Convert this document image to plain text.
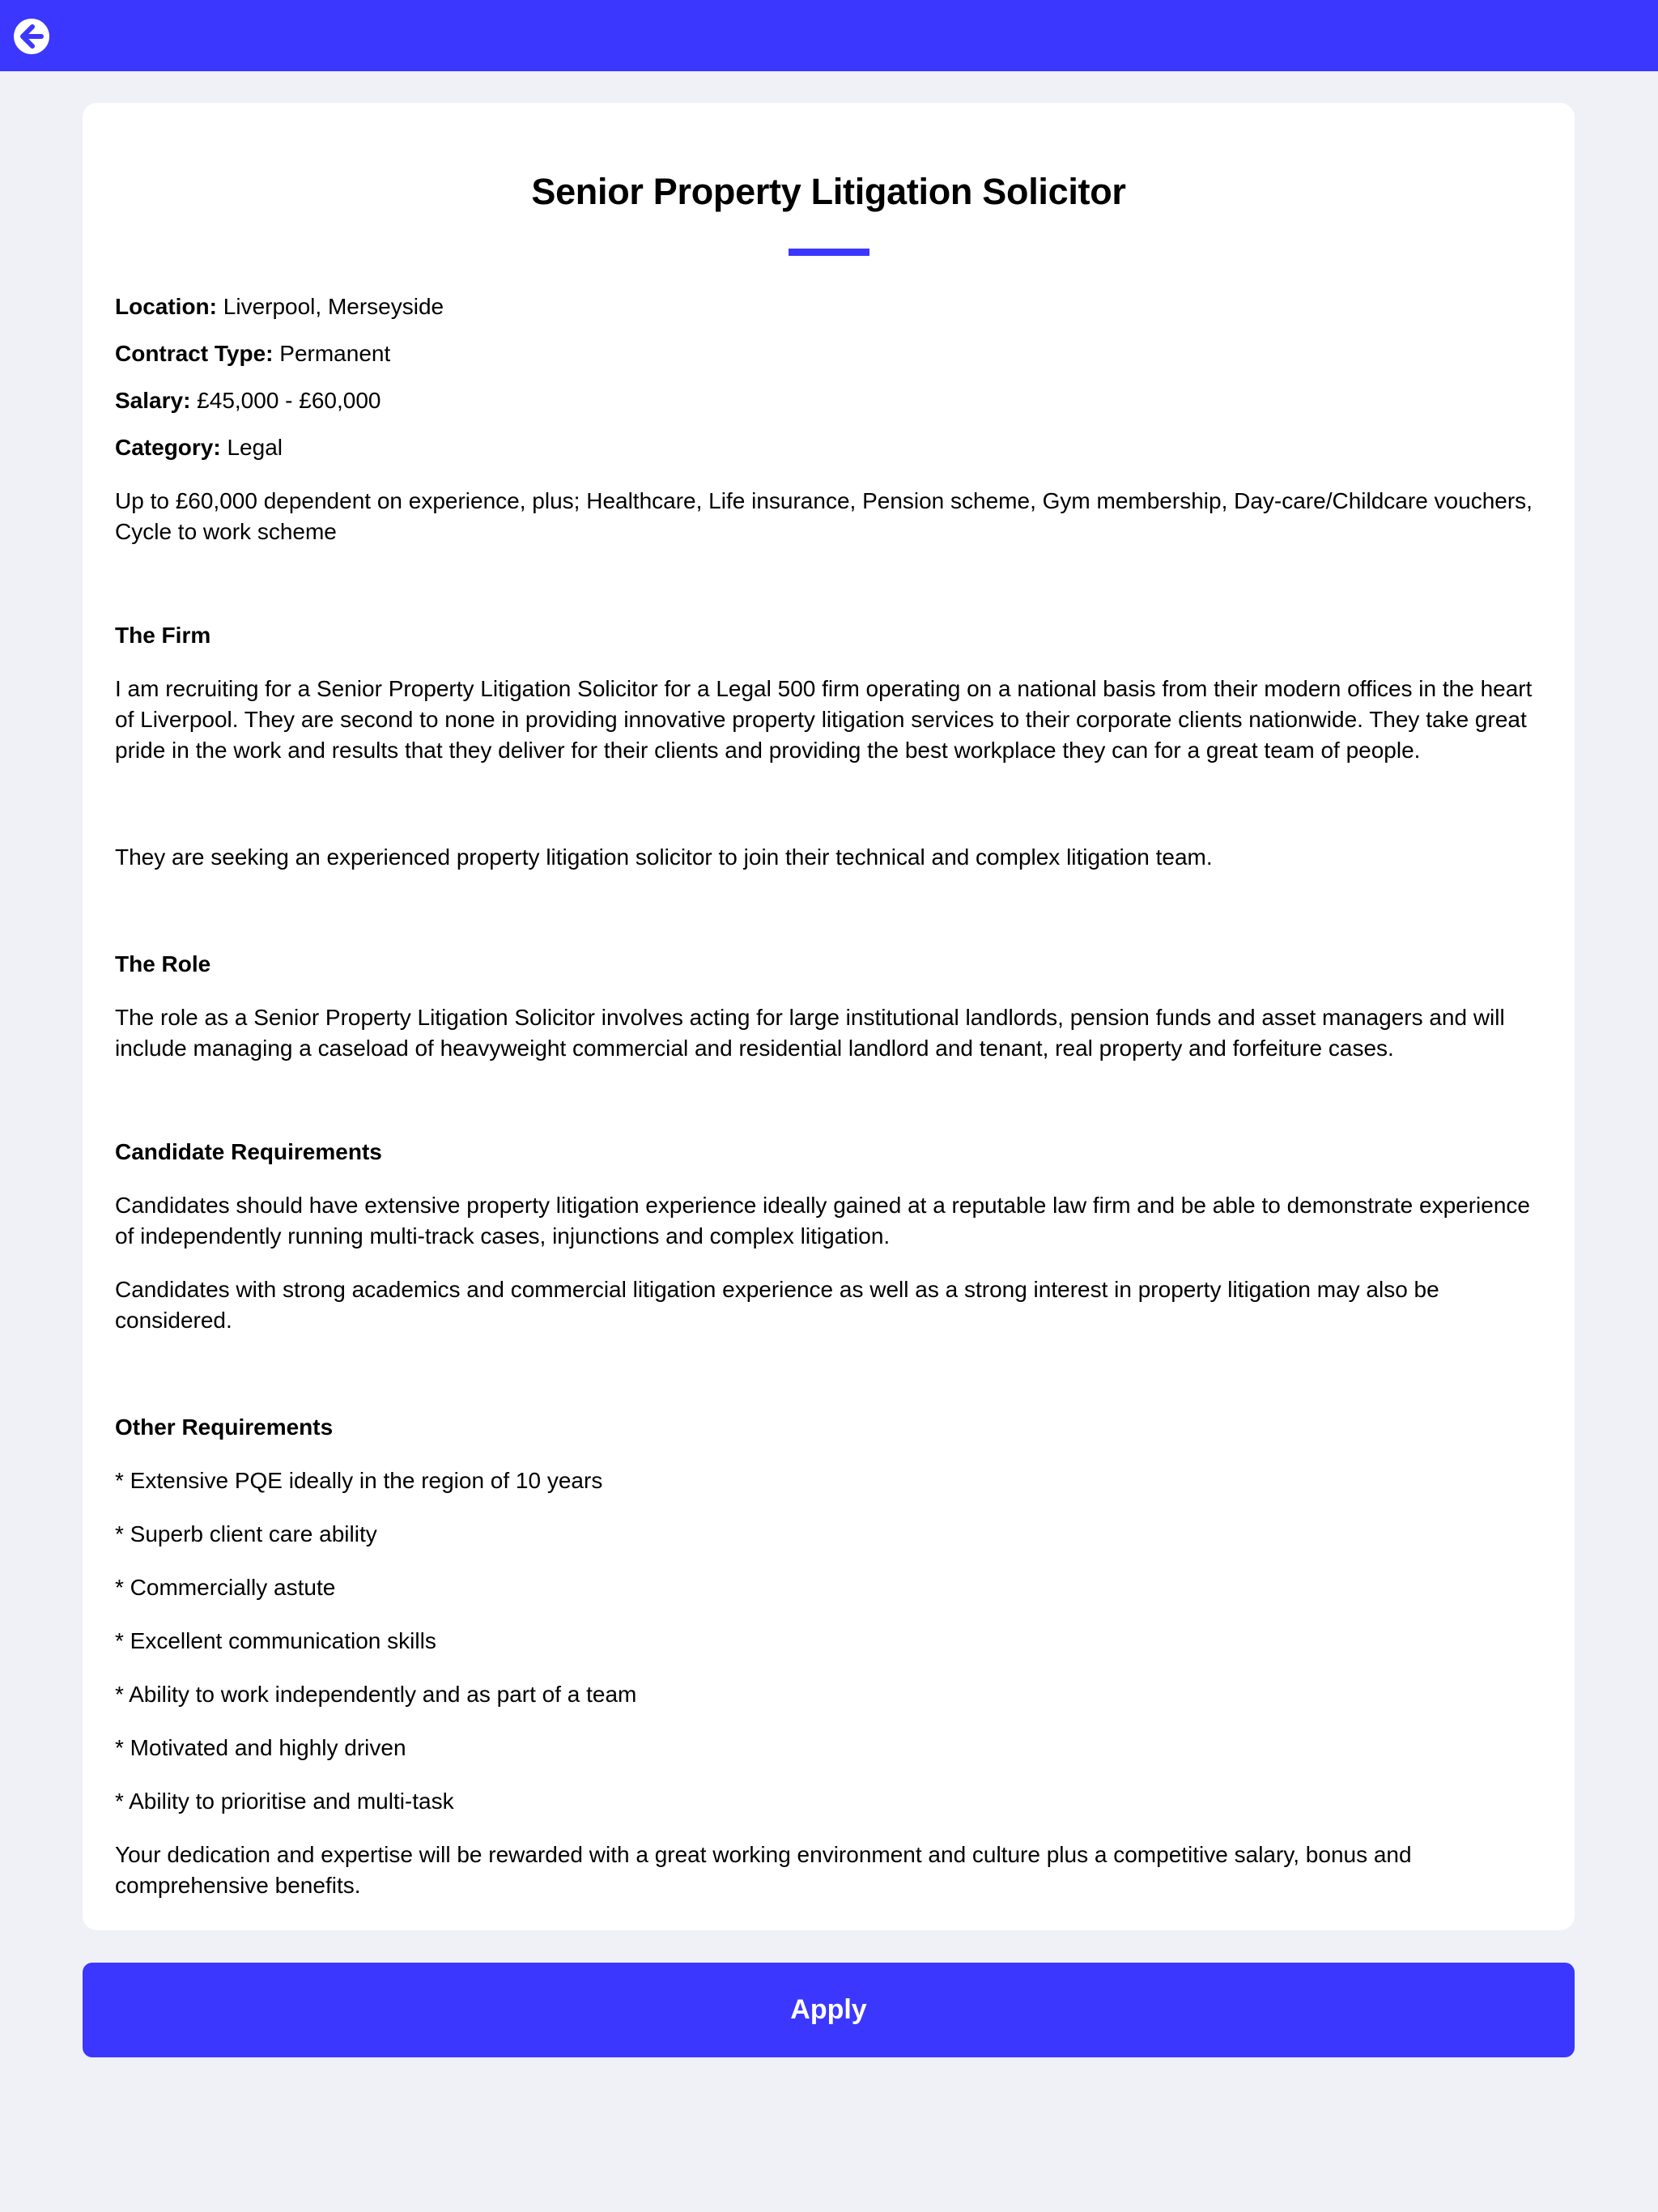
Senior Property Litigation Solicitor

Location: Liverpool, Merseyside

Contract Type: Permanent

Salary: £45,000 - £60,000

Category: Legal

Up to £60,000 dependent on experience, plus; Healthcare, Life insurance, Pension scheme, Gym membership, Day-care/Childcare vouchers, Cycle to work scheme

The Firm

I am recruiting for a Senior Property Litigation Solicitor for a Legal 500 firm operating on a national basis from their modern offices in the heart of Liverpool. They are second to none in providing innovative property litigation services to their corporate clients nationwide. They take great pride in the work and results that they deliver for their clients and providing the best workplace they can for a great team of people.

They are seeking an experienced property litigation solicitor to join their technical and complex litigation team.

The Role

The role as a Senior Property Litigation Solicitor involves acting for large institutional landlords, pension funds and asset managers and will include managing a caseload of heavyweight commercial and residential landlord and tenant, real property and forfeiture cases.

Candidate Requirements

Candidates should have extensive property litigation experience ideally gained at a reputable law firm and be able to demonstrate experience of independently running multi-track cases, injunctions and complex litigation.

Candidates with strong academics and commercial litigation experience as well as a strong interest in property litigation may also be considered.

Other Requirements
* Extensive PQE ideally in the region of 10 years
* Superb client care ability
* Commercially astute
* Excellent communication skills
* Ability to work independently and as part of a team
* Motivated and highly driven
* Ability to prioritise and multi-task

Your dedication and expertise will be rewarded with a great working environment and culture plus a competitive salary, bonus and comprehensive benefits.

Apply
